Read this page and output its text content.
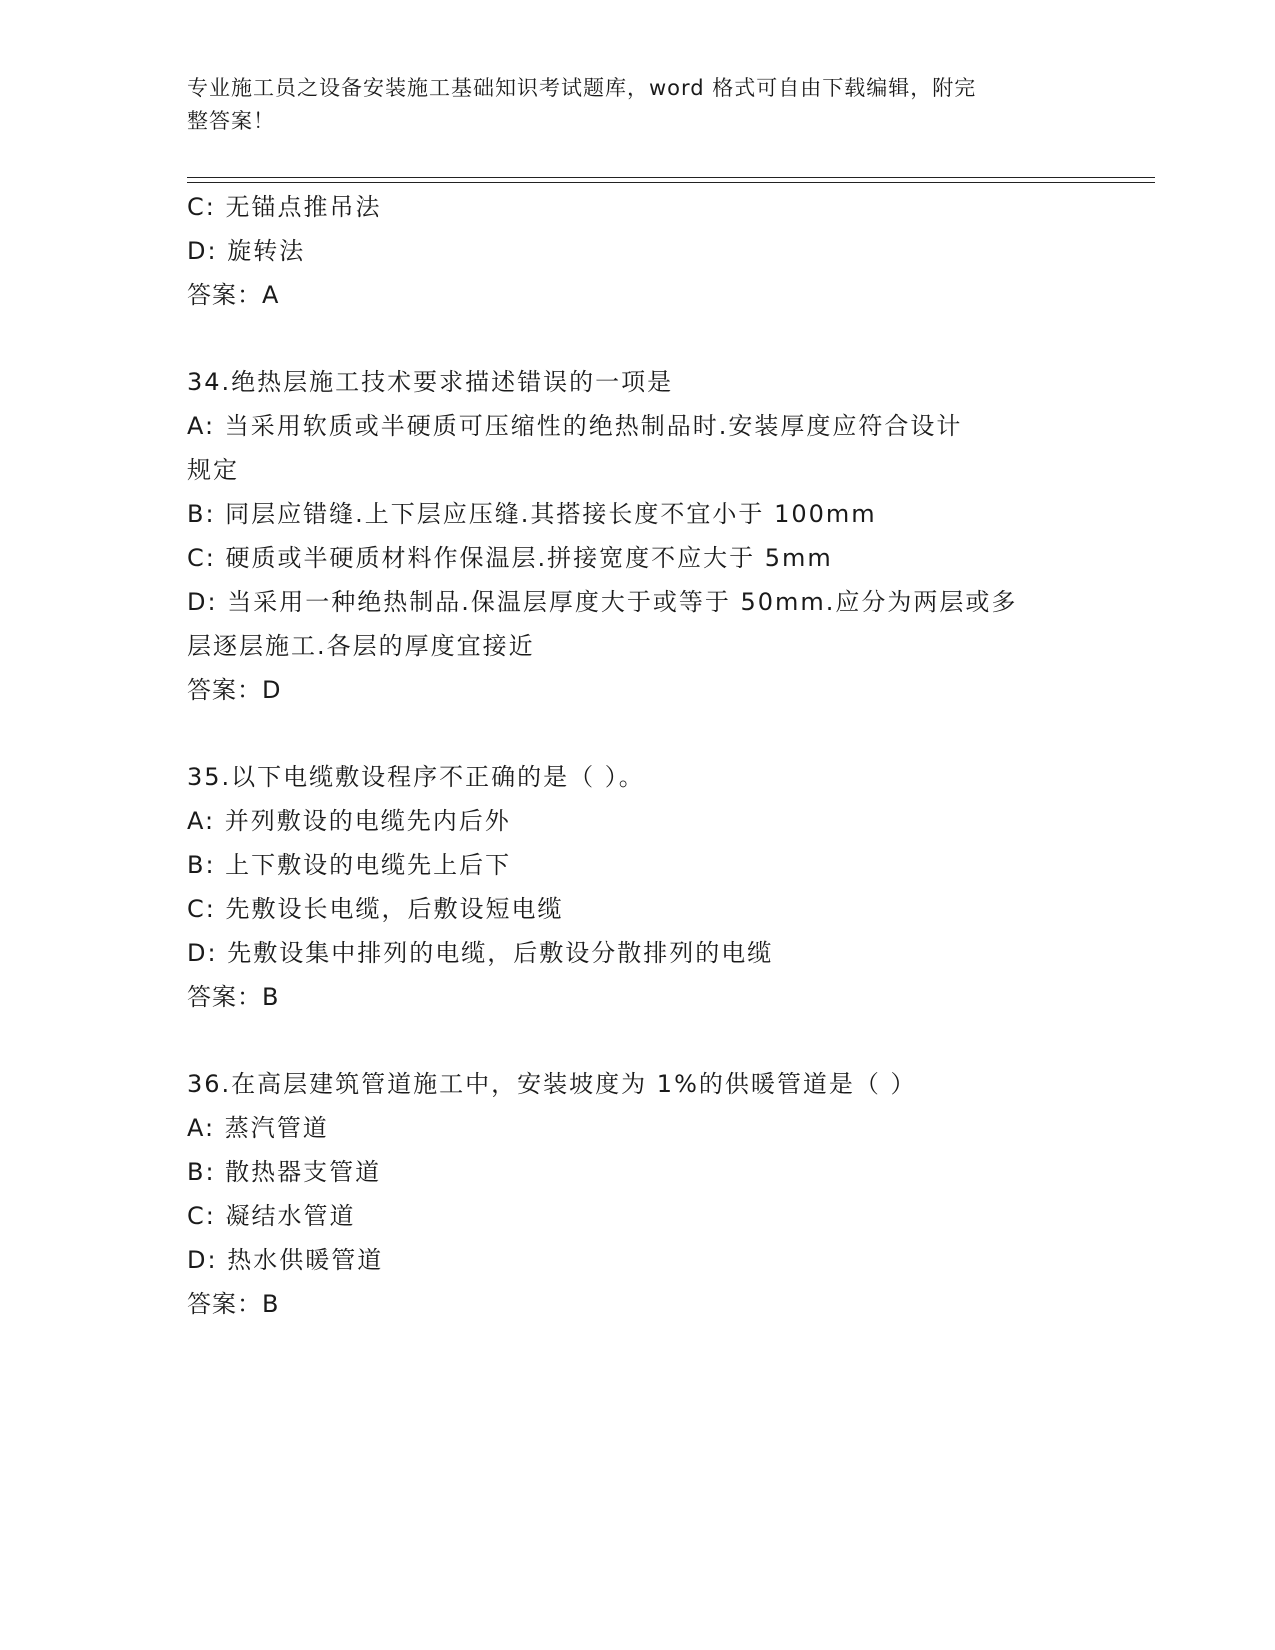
专业施工员之设备安装施工基础知识考试题库，word 格式可自由下载编辑，附完
整答案！
C: 无锚点推吊法
D: 旋转法
答案：A
34.绝热层施工技术要求描述错误的一项是
A: 当采用软质或半硬质可压缩性的绝热制品时.安装厚度应符合设计
规定
B: 同层应错缝.上下层应压缝.其搭接长度不宜小于 100mm
C: 硬质或半硬质材料作保温层.拼接宽度不应大于 5mm
D: 当采用一种绝热制品.保温层厚度大于或等于 50mm.应分为两层或多
层逐层施工.各层的厚度宜接近
答案：D
35.以下电缆敷设程序不正确的是（ ）。
A: 并列敷设的电缆先内后外
B: 上下敷设的电缆先上后下
C: 先敷设长电缆，后敷设短电缆
D: 先敷设集中排列的电缆，后敷设分散排列的电缆
答案：B
36.在高层建筑管道施工中，安装坡度为 1%的供暖管道是（ ）
A: 蒸汽管道
B: 散热器支管道
C: 凝结水管道
D: 热水供暖管道
答案：B
